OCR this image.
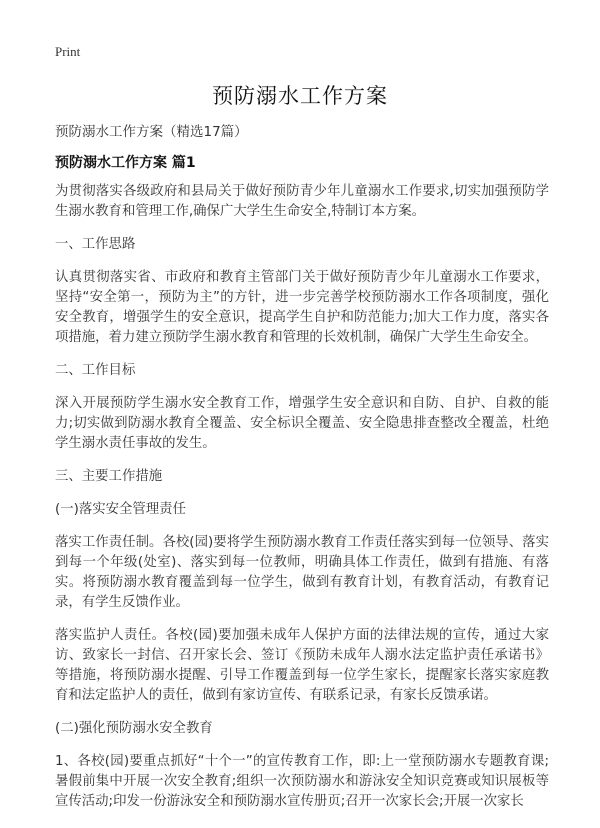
Print
预防溺水工作方案
预防溺水工作方案（精选17篇）
预防溺水工作方案 篇1

为贯彻落实各级政府和县局关于做好预防青少年儿童溺水工作要求,切实加强预防学生溺水教育和管理工作,确保广大学生生命安全,特制订本方案。

一、工作思路

认真贯彻落实省、市政府和教育主管部门关于做好预防青少年儿童溺水工作要求，坚持“安全第一，预防为主”的方针，进一步完善学校预防溺水工作各项制度，强化安全教育，增强学生的安全意识，提高学生自护和防范能力;加大工作力度，落实各项措施，着力建立预防学生溺水教育和管理的长效机制，确保广大学生生命安全。

二、工作目标

深入开展预防学生溺水安全教育工作，增强学生安全意识和自防、自护、自救的能力;切实做到防溺水教育全覆盖、安全标识全覆盖、安全隐患排查整改全覆盖，杜绝学生溺水责任事故的发生。

三、主要工作措施
(一)落实安全管理责任

落实工作责任制。各校(园)要将学生预防溺水教育工作责任落实到每一位领导、落实到每一个年级(处室)、落实到每一位教师，明确具体工作责任，做到有措施、有落实。将预防溺水教育覆盖到每一位学生，做到有教育计划，有教育活动，有教育记录，有学生反馈作业。

落实监护人责任。各校(园)要加强未成年人保护方面的法律法规的宣传，通过大家访、致家长一封信、召开家长会、签订《预防未成年人溺水法定监护责任承诺书》等措施，将预防溺水提醒、引导工作覆盖到每一位学生家长，提醒家长落实家庭教育和法定监护人的责任，做到有家访宣传、有联系记录，有家长反馈承诺。

(二)强化预防溺水安全教育

1、各校(园)要重点抓好“十个一”的宣传教育工作，即:上一堂预防溺水专题教育课;暑假前集中开展一次安全教育;组织一次预防溺水和游泳安全知识竞赛或知识展板等宣传活动;印发一份游泳安全和预防溺水宣传册页;召开一次家长会;开展一次家长
